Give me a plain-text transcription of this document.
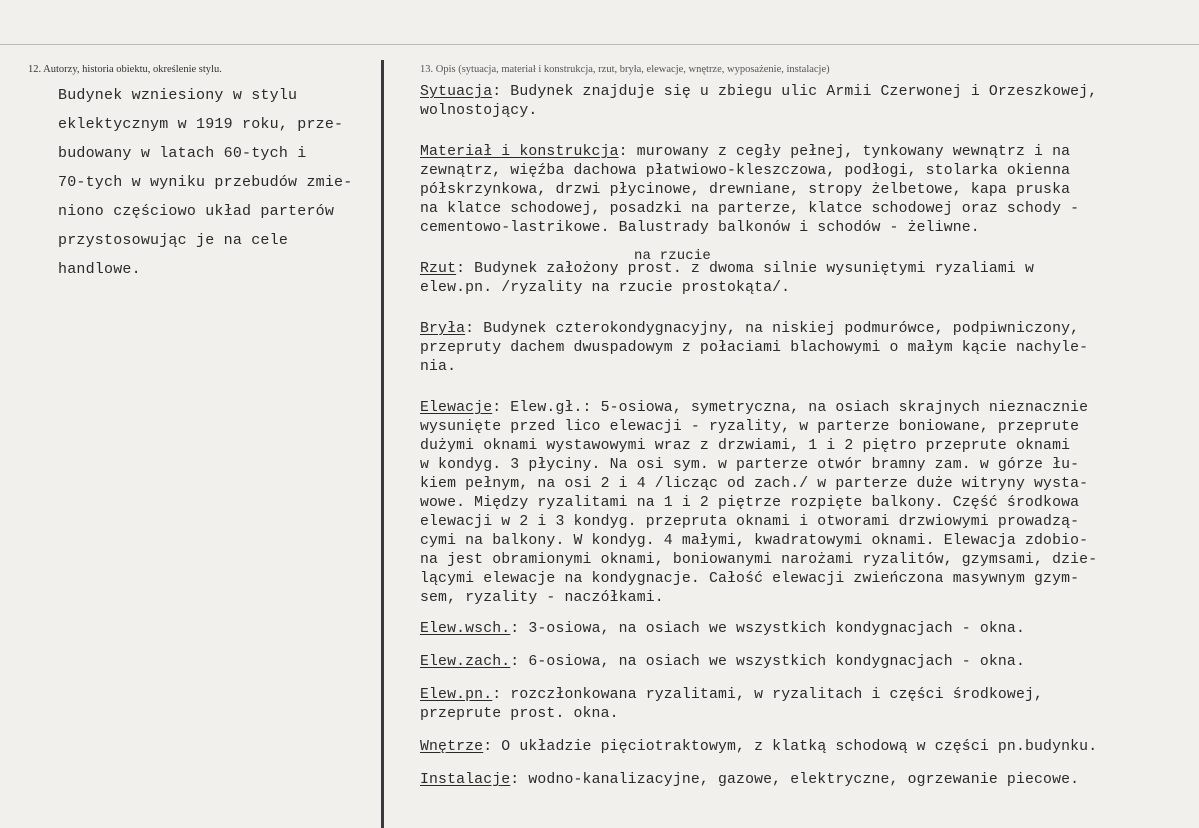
12. Autorzy, historia obiektu, określenie stylu.

Budynek wzniesiony w stylu
eklektycznym w 1919 roku, prze-
budowany w latach 60-tych i
70-tych w wyniku przebudów zmie-
niono częściowo układ parterów
przystosowując je na cele
handlowe.

13. Opis (sytuacja, materiał i konstrukcja, rzut, bryła, elewacje, wnętrze, wyposażenie, instalacje)

Sytuacja: Budynek znajduje się u zbiegu ulic Armii Czerwonej i Orzeszkowej,
wolnostojący.

Materiał i konstrukcja: murowany z cegły pełnej, tynkowany wewnątrz i na
zewnątrz, więźba dachowa płatwiowo-kleszczowa, podłogi, stolarka okienna
półskrzynkowa, drzwi płycinowe, drewniane, stropy żelbetowe, kapa pruska
na klatce schodowej, posadzki na parterze, klatce schodowej oraz schody -
cementowo-lastrikowe. Balustrady balkonów i schodów - żeliwne.

na rzucie
Rzut: Budynek założony prost. z dwoma silnie wysuniętymi ryzaliami w
elew.pn. /ryzality na rzucie prostokąta/.

Bryła: Budynek czterokondygnacyjny, na niskiej podmurówce, podpiwniczony,
przepruty dachem dwuspadowym z połaciami blachowymi o małym kącie nachyle-
nia.

Elewacje: Elew.gł.: 5-osiowa, symetryczna, na osiach skrajnych nieznacznie
wysunięte przed lico elewacji - ryzality, w parterze boniowane, przeprute
dużymi oknami wystawowymi wraz z drzwiami, 1 i 2 piętro przeprute oknami
w kondyg. 3 płyciny. Na osi sym. w parterze otwór bramny zam. w górze łu-
kiem pełnym, na osi 2 i 4 /licząc od zach./ w parterze duże witryny wysta-
wowe. Między ryzalitami na 1 i 2 piętrze rozpięte balkony. Część środkowa
elewacji w 2 i 3 kondyg. przepruta oknami i otworami drzwiowymi prowadzą-
cymi na balkony. W kondyg. 4 małymi, kwadratowymi oknami. Elewacja zdobio-
na jest obramionymi oknami, boniowanymi narożami ryzalitów, gzymsami, dzie-
lącymi elewacje na kondygnacje. Całość elewacji zwieńczona masywnym gzym-
sem, ryzality - naczółkami.

Elew.wsch.: 3-osiowa, na osiach we wszystkich kondygnacjach - okna.

Elew.zach.: 6-osiowa, na osiach we wszystkich kondygnacjach - okna.

Elew.pn.: rozczłonkowana ryzalitami, w ryzalitach i części środkowej,
przeprute prost. okna.

Wnętrze: O układzie pięciotraktowym, z klatką schodową w części pn.budynku.

Instalacje: wodno-kanalizacyjne, gazowe, elektryczne, ogrzewanie piecowe.
